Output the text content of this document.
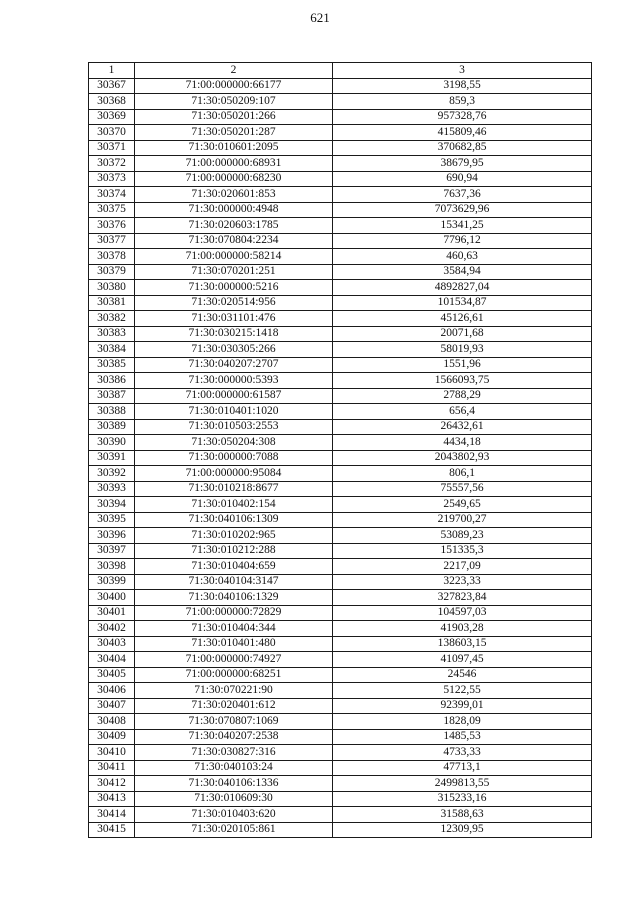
621
1	2	3
30367	71:00:000000:66177	3198,55
30368	71:30:050209:107	859,3
30369	71:30:050201:266	957328,76
30370	71:30:050201:287	415809,46
30371	71:30:010601:2095	370682,85
30372	71:00:000000:68931	38679,95
30373	71:00:000000:68230	690,94
30374	71:30:020601:853	7637,36
30375	71:30:000000:4948	7073629,96
30376	71:30:020603:1785	15341,25
30377	71:30:070804:2234	7796,12
30378	71:00:000000:58214	460,63
30379	71:30:070201:251	3584,94
30380	71:30:000000:5216	4892827,04
30381	71:30:020514:956	101534,87
30382	71:30:031101:476	45126,61
30383	71:30:030215:1418	20071,68
30384	71:30:030305:266	58019,93
30385	71:30:040207:2707	1551,96
30386	71:30:000000:5393	1566093,75
30387	71:00:000000:61587	2788,29
30388	71:30:010401:1020	656,4
30389	71:30:010503:2553	26432,61
30390	71:30:050204:308	4434,18
30391	71:30:000000:7088	2043802,93
30392	71:00:000000:95084	806,1
30393	71:30:010218:8677	75557,56
30394	71:30:010402:154	2549,65
30395	71:30:040106:1309	219700,27
30396	71:30:010202:965	53089,23
30397	71:30:010212:288	151335,3
30398	71:30:010404:659	2217,09
30399	71:30:040104:3147	3223,33
30400	71:30:040106:1329	327823,84
30401	71:00:000000:72829	104597,03
30402	71:30:010404:344	41903,28
30403	71:30:010401:480	138603,15
30404	71:00:000000:74927	41097,45
30405	71:00:000000:68251	24546
30406	71:30:070221:90	5122,55
30407	71:30:020401:612	92399,01
30408	71:30:070807:1069	1828,09
30409	71:30:040207:2538	1485,53
30410	71:30:030827:316	4733,33
30411	71:30:040103:24	47713,1
30412	71:30:040106:1336	2499813,55
30413	71:30:010609:30	315233,16
30414	71:30:010403:620	31588,63
30415	71:30:020105:861	12309,95
